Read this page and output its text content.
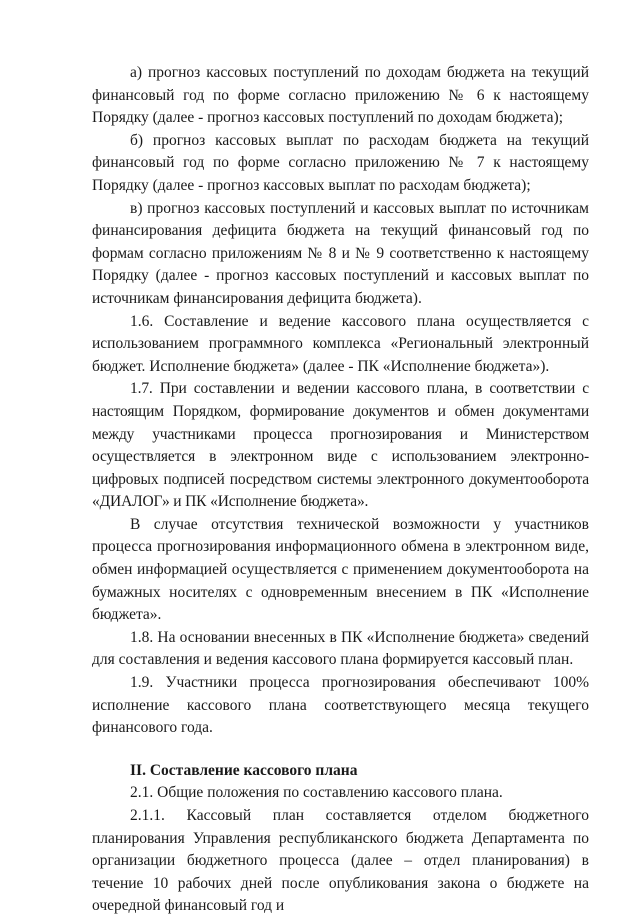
а) прогноз кассовых поступлений по доходам бюджета на текущий финансовый год по форме согласно приложению № 6 к настоящему Порядку (далее - прогноз кассовых поступлений по доходам бюджета);

б) прогноз кассовых выплат по расходам бюджета на текущий финансовый год по форме согласно приложению № 7 к настоящему Порядку (далее - прогноз кассовых выплат по расходам бюджета);

в) прогноз кассовых поступлений и кассовых выплат по источникам финансирования дефицита бюджета на текущий финансовый год по формам согласно приложениям № 8 и № 9 соответственно к настоящему Порядку (далее - прогноз кассовых поступлений и кассовых выплат по источникам финансирования дефицита бюджета).

1.6. Составление и ведение кассового плана осуществляется с использованием программного комплекса «Региональный электронный бюджет. Исполнение бюджета» (далее - ПК «Исполнение бюджета»).

1.7. При составлении и ведении кассового плана, в соответствии с настоящим Порядком, формирование документов и обмен документами между участниками процесса прогнозирования и Министерством осуществляется в электронном виде с использованием электронно-цифровых подписей посредством системы электронного документооборота «ДИАЛОГ» и ПК «Исполнение бюджета».

В случае отсутствия технической возможности у участников процесса прогнозирования информационного обмена в электронном виде, обмен информацией осуществляется с применением документооборота на бумажных носителях с одновременным внесением в ПК «Исполнение бюджета».

1.8. На основании внесенных в ПК «Исполнение бюджета» сведений для составления и ведения кассового плана формируется кассовый план.

1.9. Участники процесса прогнозирования обеспечивают 100% исполнение кассового плана соответствующего месяца текущего финансового года.

II. Составление кассового плана

2.1. Общие положения по составлению кассового плана.

2.1.1. Кассовый план составляется отделом бюджетного планирования Управления республиканского бюджета Департамента по организации бюджетного процесса (далее – отдел планирования) в течение 10 рабочих дней после опубликования закона о бюджете на очередной финансовый год и
